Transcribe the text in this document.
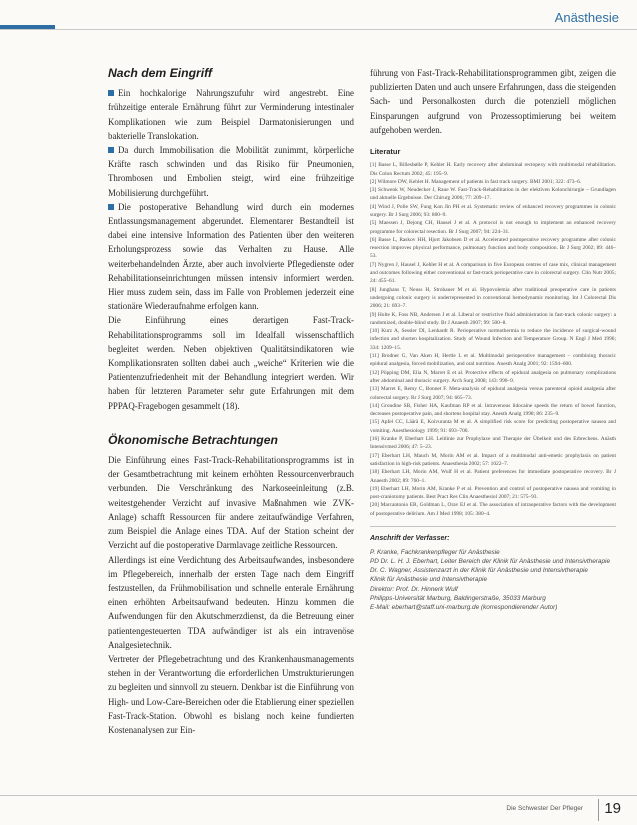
Anästhesie
Nach dem Eingriff

Ein hochkalorige Nahrungszufuhr wird angestrebt. Eine frühzeitige enterale Ernährung führt zur Verminderung intestinaler Komplikationen wie zum Beispiel Darmatonisierungen und bakterielle Translokation.

Da durch Immobilisation die Mobilität zunimmt, körperliche Kräfte rasch schwinden und das Risiko für Pneumonien, Thrombosen und Embolien steigt, wird eine frühzeitige Mobilisierung durchgeführt.

Die postoperative Behandlung wird durch ein modernes Entlassungsmanagement abgerundet. Elementarer Bestandteil ist dabei eine intensive Information des Patienten über den weiteren Erholungsprozess sowie das Verhalten zu Hause. Alle weiterbehandelnden Ärzte, aber auch involvierte Pflegedienste oder Rehabilitationseinrichtungen müssen intensiv informiert werden. Hier muss zudem sein, dass im Falle von Problemen jederzeit eine stationäre Wiederaufnahme erfolgen kann.

Die Einführung eines derartigen Fast-Track-Rehabilitationsprogramms soll im Idealfall wissenschaftlich begleitet werden. Neben objektiven Qualitätsindikatoren wie Komplikationsraten sollten dabei auch „weiche“ Kriterien wie die Patientenzufriedenheit mit der Behandlung integriert werden. Wir haben für letzteren Parameter sehr gute Erfahrungen mit dem PPPAQ-Fragebogen gesammelt (18).

Ökonomische Betrachtungen

Die Einführung eines Fast-Track-Rehabilitationsprogramms ist in der Gesamtbetrachtung mit keinem erhöhten Ressourcenverbrauch verbunden. Die Verschränkung des Narkoseeinleitung (z.B. weitestgehender Verzicht auf invasive Maßnahmen wie ZVK-Anlage) schafft Ressourcen für andere zeitaufwändige Verfahren, zum Beispiel die Anlage eines TDA. Auf der Station scheint der Verzicht auf die postoperative Darmlavage zeitliche Ressourcen.

Allerdings ist eine Verdichtung des Arbeitsaufwandes, insbesondere im Pflegebereich, innerhalb der ersten Tage nach dem Eingriff festzustellen, da Frühmobilisation und schnelle enterale Ernährung einen erhöhten Arbeitsaufwand bedeuten. Hinzu kommen die Aufwendungen für den Akutschmerzdienst, da die Betreuung einer patientengesteuerten TDA aufwändiger ist als ein intravenöse Analgesietechnik.

Vertreter der Pflegebetrachtung und des Krankenhausmanagements stehen in der Verantwortung die erforderlichen Umstrukturierungen zu begleiten und sinnvoll zu steuern. Denkbar ist die Einführung von High- und Low-Care-Bereichen oder die Etablierung einer speziellen Fast-Track-Station. Obwohl es bislang noch keine fundierten Kostenanalysen zur Ein-

führung von Fast-Track-Rehabilitationsprogrammen gibt, zeigen die publizierten Daten und auch unsere Erfahrungen, dass die steigenden Sach- und Personalkosten durch die potenziell möglichen Einsparungen aufgrund von Prozessoptimierung bei weitem aufgehoben werden.

Literatur

[1] Basse L, Billesbølle P, Kehlet H. Early recovery after abdominal rectopexy with multimodal rehabilitation. Dis Colon Rectum 2002; 45: 195–9.

[2] Wilmore DW, Kehlet H. Management of patients in fast track surgery. BMJ 2001; 322: 473–6.

[3] Schwenk W, Neudecker J, Raue W. Fast-Track-Rehabilitation in der elektiven Kolonchirurgie – Grundlagen und aktuelle Ergebnisse. Der Chirurg 2006; 77: 209–17.

[4] Wind J, Polle SW, Fung Kon Jin PH et al. Systematic review of enhanced recovery programmes in colonic surgery. Br J Surg 2006; 93: 800–9.

[5] Maessen J, Dejong CH, Hausel J et al. A protocol is not enough to implement an enhanced recovery programme for colorectal resection. Br J Surg 2007; 94: 224–31.

[6] Basse L, Raskov HH, Hjort Jakobsen D et al. Accelerated postoperative recovery programme after colonic resection improves physical performance, pulmonary function and body composition. Br J Surg 2002; 89: 446–53.

[7] Nygren J, Hausel J, Kehlet H et al. A comparison in five European centres of case mix, clinical management and outcomes following either conventional or fast-track perioperative care in colorectal surgery. Clin Nutr 2005; 24: 455–61.

[8] Junghans T, Neuss H, Strohauer M et al. Hypovolemia after traditional preoperative care in patients undergoing colonic surgery is underrepresented in conventional hemodynamic monitoring. Int J Colorectal Dis 2006; 21: 693–7.

[9] Holte K, Foss NB, Andersen J et al. Liberal or restrictive fluid administration in fast-track colonic surgery: a randomized, double-blind study. Br J Anaesth 2007; 99: 500–8.

[10] Kurz A, Sessler DI, Lenhardt R. Perioperative normothermia to reduce the incidence of surgical-wound infection and shorten hospitalization. Study of Wound Infection and Temperature Group. N Engl J Med 1996; 334: 1209–15.

[11] Brodner G, Van Aken H, Hertle L et al. Multimodal perioperative management – combining thoracic epidural analgesia, forced mobilization, and oral nutrition. Anesth Analg 2001; 92: 1594–600.

[12] Pöpping DM, Elia N, Marret E et al. Protective effects of epidural analgesia on pulmonary complications after abdominal and thoracic surgery. Arch Surg 2008; 143: 990–9.

[13] Marret E, Remy C, Bonnet F. Meta-analysis of epidural analgesia versus parenteral opioid analgesia after colorectal surgery. Br J Surg 2007; 94: 665–73.

[14] Groudine SB, Fisher HA, Kaufman RP et al. Intravenous lidocaine speeds the return of bowel function, decreases postoperative pain, and shortens hospital stay. Anesth Analg 1998; 86: 235–9.

[15] Apfel CC, Läärä E, Koivuranta M et al. A simplified risk score for predicting postoperative nausea and vomiting. Anesthesiology 1999; 91: 693–700.

[16] Kranke P, Eberhart LH. Leitlinie zur Prophylaxe und Therapie der Übelkeit und des Erbrechens. Anästh Intensivmed 2006; 47: 5–23.

[17] Eberhart LH, Mauch M, Morin AM et al. Impact of a multimodal anti-emetic prophylaxis on patient satisfaction in high-risk patients. Anaesthesia 2002; 57: 1022–7.

[18] Eberhart LH, Morin AM, Wulf H et al. Patient preferences for immediate postoperative recovery. Br J Anaesth 2002; 89: 760–1.

[19] Eberhart LH, Morin AM, Kranke P et al. Prevention and control of postoperative nausea and vomiting in post-craniotomy patients. Best Pract Res Clin Anaesthesiol 2007; 21: 575–93.

[20] Marcantonio ER, Goldman L, Orav EJ et al. The association of intraoperative factors with the development of postoperative delirium. Am J Med 1998; 105: 380–4.

Anschrift der Verfasser:
P. Kranke, Fachkrankenpfleger für Anästhesie
PD Dr. L. H. J. Eberhart, Leiter Bereich der Klinik für Anästhesie und Intensivtherapie
Dr. C. Wagner, Assistenzarzt in der Klinik für Anästhesie und Intensivtherapie
Klinik für Anästhesie und Intensivtherapie
Direktor: Prof. Dr. Hinnerk Wulf
Philipps-Universität Marburg, Baldingerstraße, 35033 Marburg
E-Mail: eberhart@staff.uni-marburg.de (korrespondierender Autor)
Die Schwester Der Pfleger 19
